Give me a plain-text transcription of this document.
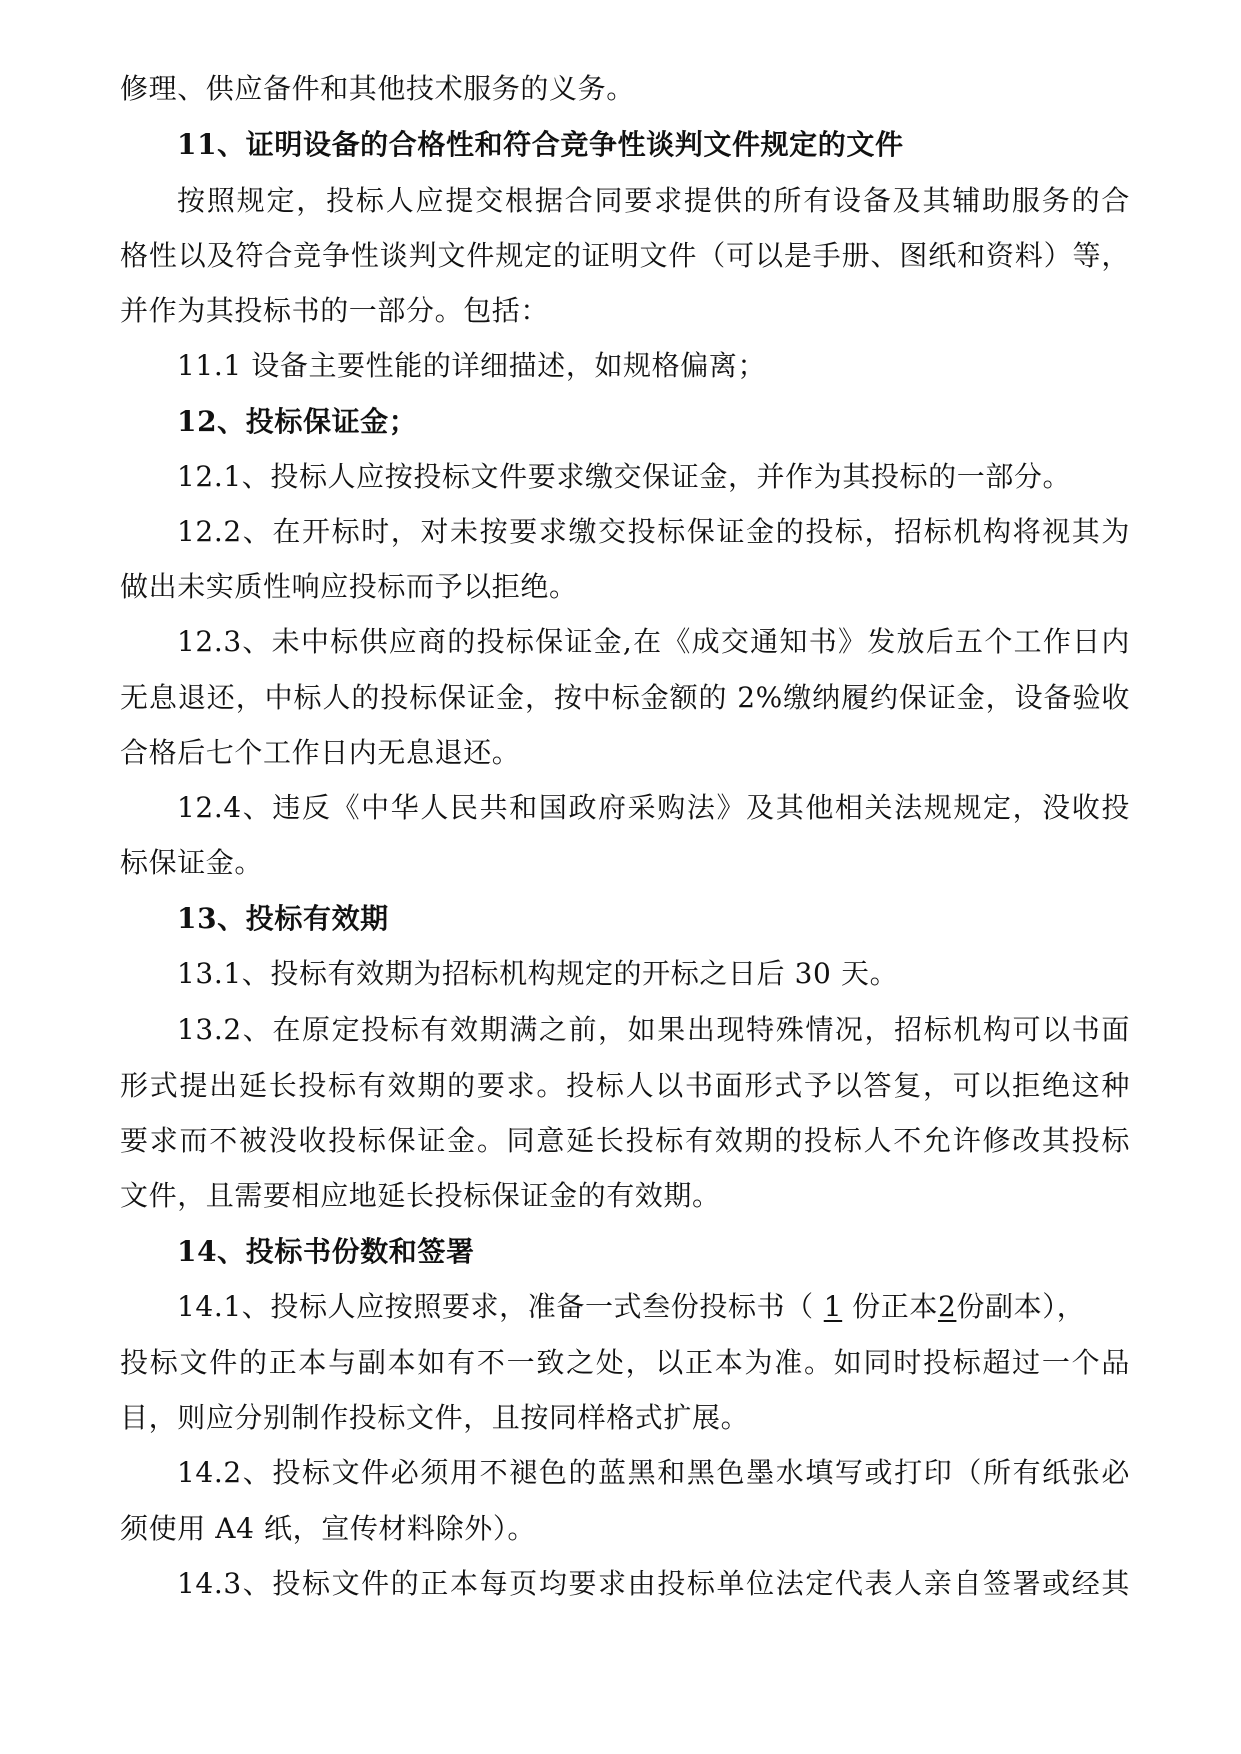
修理、供应备件和其他技术服务的义务。
11、证明设备的合格性和符合竞争性谈判文件规定的文件
按照规定，投标人应提交根据合同要求提供的所有设备及其辅助服务的合
格性以及符合竞争性谈判文件规定的证明文件（可以是手册、图纸和资料）等，
并作为其投标书的一部分。包括：
11.1 设备主要性能的详细描述，如规格偏离；
12、投标保证金；
12.1、投标人应按投标文件要求缴交保证金，并作为其投标的一部分。
12.2、在开标时，对未按要求缴交投标保证金的投标，招标机构将视其为
做出未实质性响应投标而予以拒绝。
12.3、未中标供应商的投标保证金,在《成交通知书》发放后五个工作日内
无息退还，中标人的投标保证金，按中标金额的 2%缴纳履约保证金，设备验收
合格后七个工作日内无息退还。
12.4、违反《中华人民共和国政府采购法》及其他相关法规规定，没收投
标保证金。
13、投标有效期
13.1、投标有效期为招标机构规定的开标之日后 30 天。
13.2、在原定投标有效期满之前，如果出现特殊情况，招标机构可以书面
形式提出延长投标有效期的要求。投标人以书面形式予以答复，可以拒绝这种
要求而不被没收投标保证金。同意延长投标有效期的投标人不允许修改其投标
文件，且需要相应地延长投标保证金的有效期。
14、投标书份数和签署
14.1、投标人应按照要求，准备一式叁份投标书（ 1 份正本2份副本），
投标文件的正本与副本如有不一致之处，以正本为准。如同时投标超过一个品
目，则应分别制作投标文件，且按同样格式扩展。
14.2、投标文件必须用不褪色的蓝黑和黑色墨水填写或打印（所有纸张必
须使用 A4 纸，宣传材料除外）。
14.3、投标文件的正本每页均要求由投标单位法定代表人亲自签署或经其
